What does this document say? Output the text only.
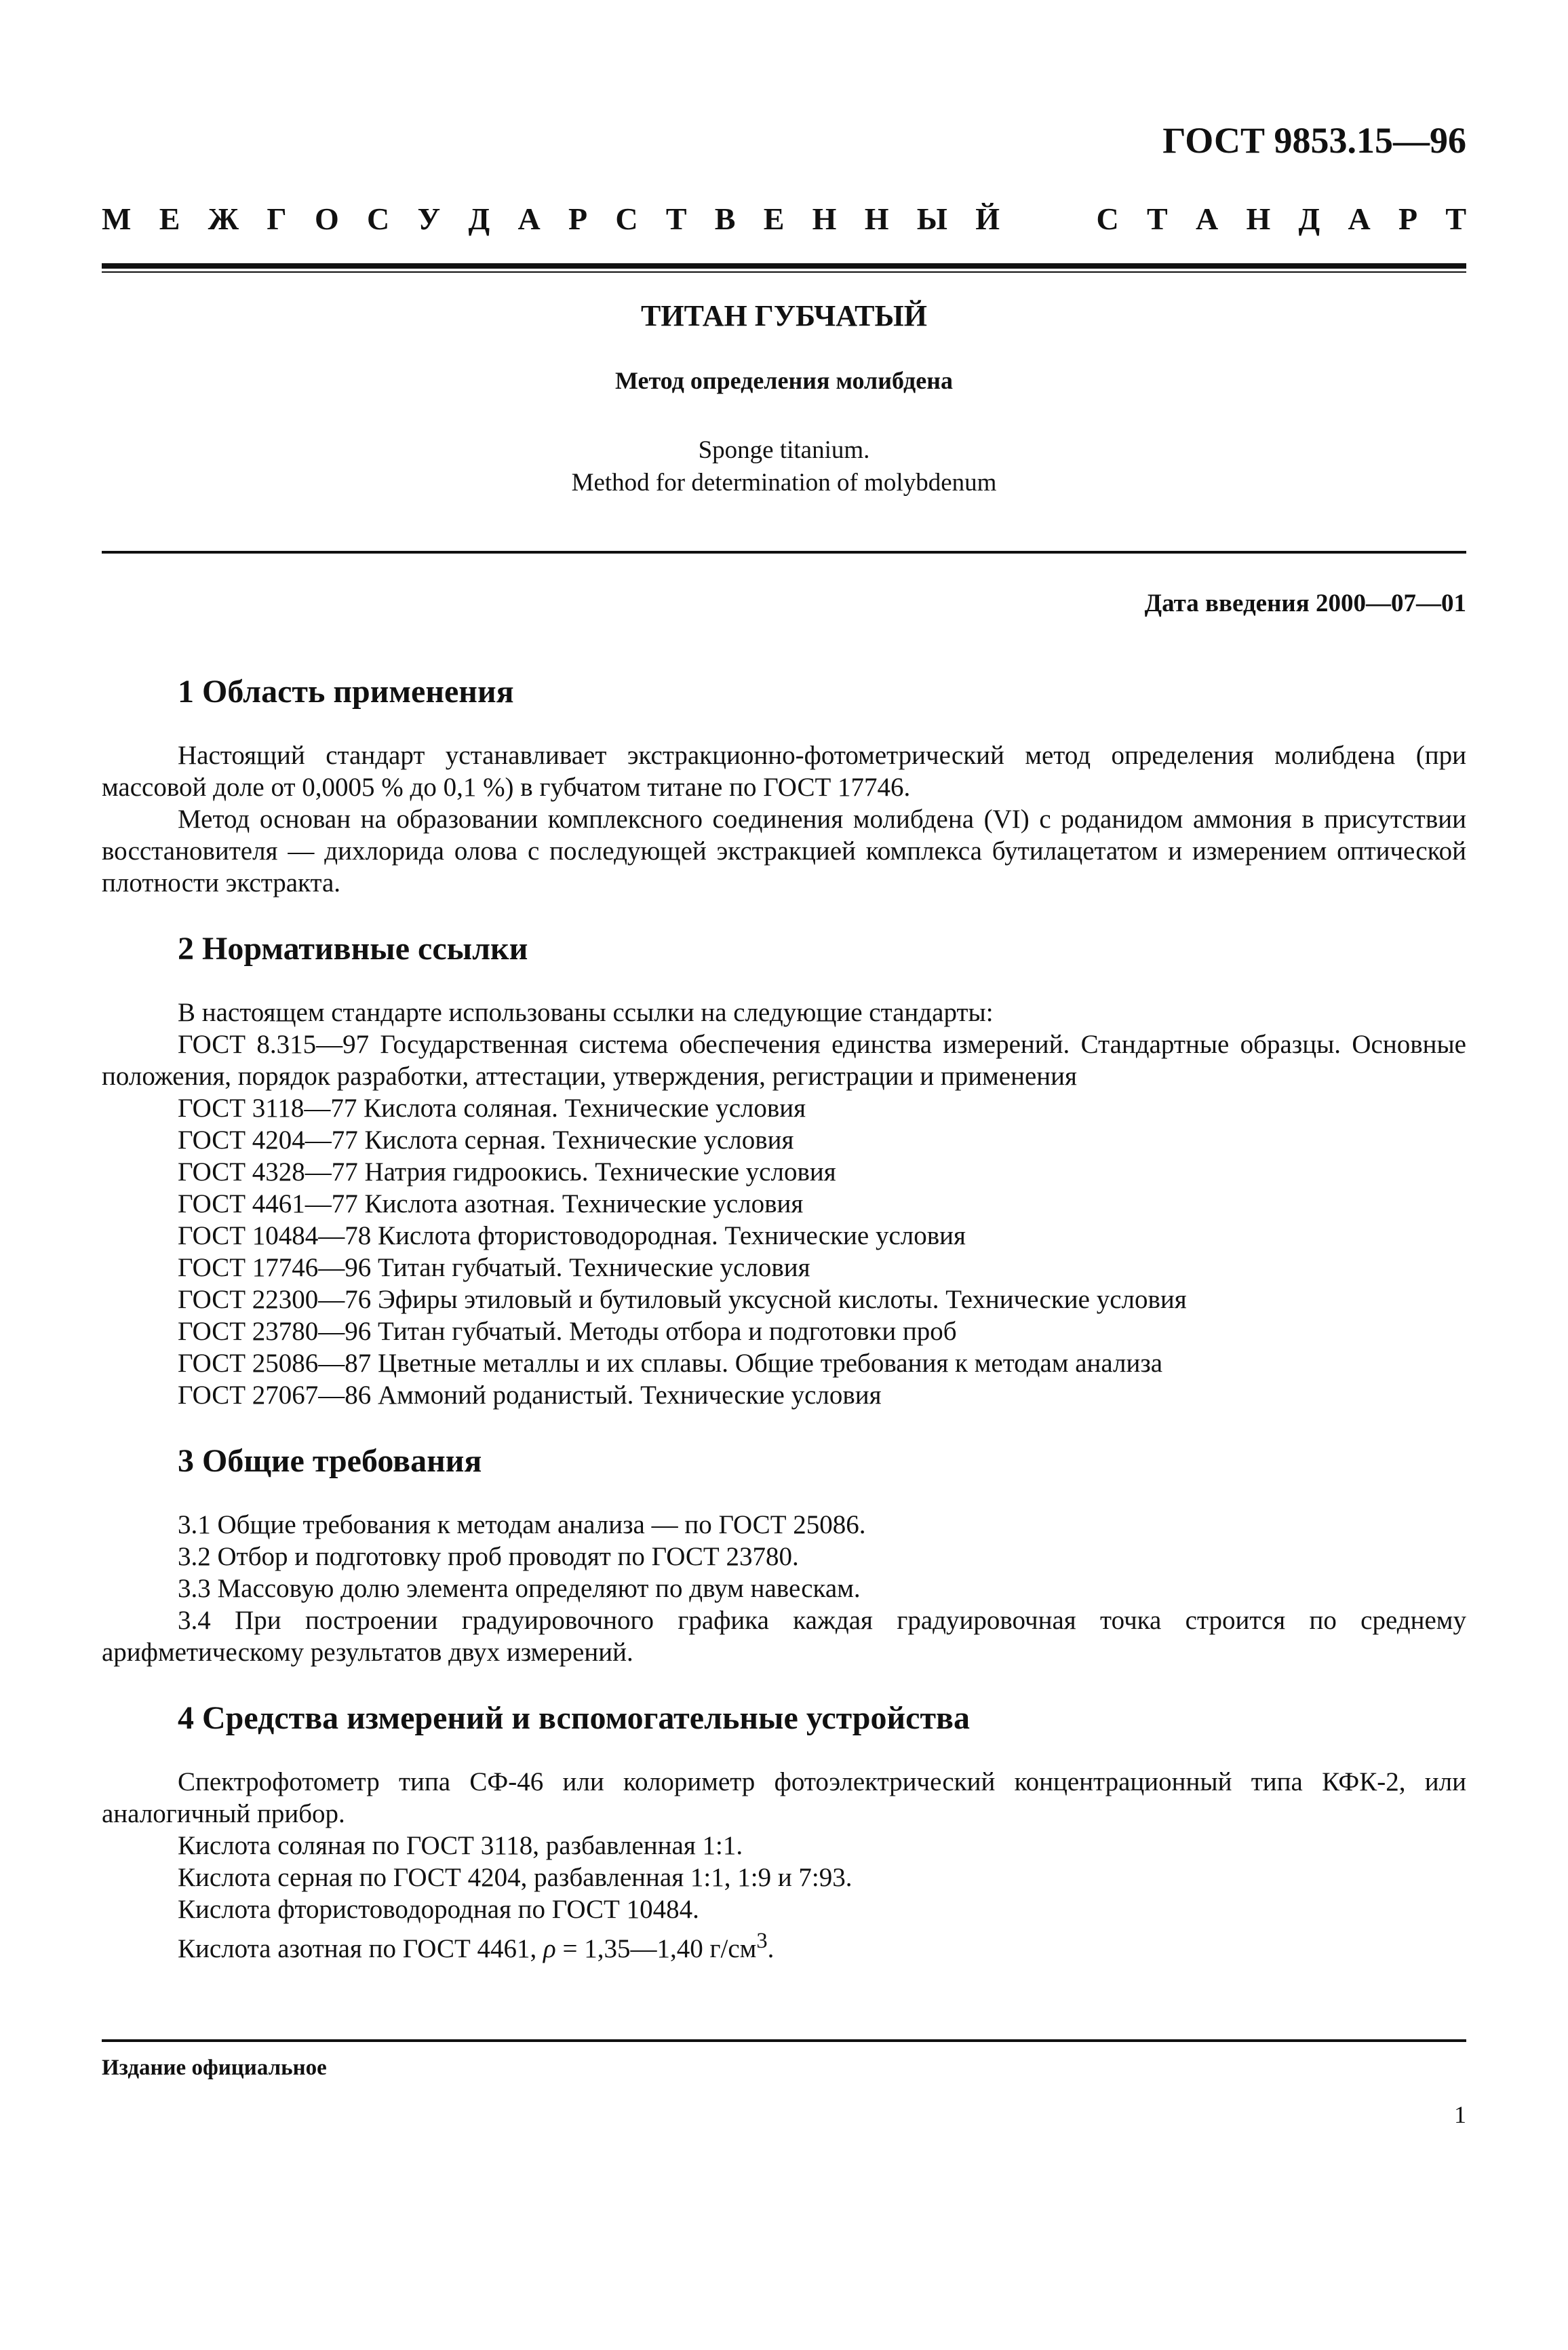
ГОСТ 9853.15—96
М Е Ж Г О С У Д А Р С Т В Е Н Н Ы Й	С Т А Н Д А Р Т
ТИТАН ГУБЧАТЫЙ
Метод определения молибдена
Sponge titanium.
Method for determination of molybdenum
Дата введения 2000—07—01
1 Область применения

Настоящий стандарт устанавливает экстракционно-фотометрический метод определения молибдена (при массовой доле от 0,0005 % до 0,1 %) в губчатом титане по ГОСТ 17746.

Метод основан на образовании комплексного соединения молибдена (VI) с роданидом аммония в присутствии восстановителя — дихлорида олова с последующей экстракцией комплекса бутилацетатом и измерением оптической плотности экстракта.

2 Нормативные ссылки

В настоящем стандарте использованы ссылки на следующие стандарты:

ГОСТ 8.315—97 Государственная система обеспечения единства измерений. Стандартные образцы. Основные положения, порядок разработки, аттестации, утверждения, регистрации и применения

ГОСТ 3118—77 Кислота соляная. Технические условия
ГОСТ 4204—77 Кислота серная. Технические условия
ГОСТ 4328—77 Натрия гидроокись. Технические условия
ГОСТ 4461—77 Кислота азотная. Технические условия
ГОСТ 10484—78 Кислота фтористоводородная. Технические условия
ГОСТ 17746—96 Титан губчатый. Технические условия
ГОСТ 22300—76 Эфиры этиловый и бутиловый уксусной кислоты. Технические условия
ГОСТ 23780—96 Титан губчатый. Методы отбора и подготовки проб
ГОСТ 25086—87 Цветные металлы и их сплавы. Общие требования к методам анализа
ГОСТ 27067—86 Аммоний роданистый. Технические условия
3 Общие требования

3.1 Общие требования к методам анализа — по ГОСТ 25086.

3.2 Отбор и подготовку проб проводят по ГОСТ 23780.

3.3 Массовую долю элемента определяют по двум навескам.

3.4 При построении градуировочного графика каждая градуировочная точка строится по среднему арифметическому результатов двух измерений.

4 Средства измерений и вспомогательные устройства

Спектрофотометр типа СФ-46 или колориметр фотоэлектрический концентрационный типа КФК-2, или аналогичный прибор.

Кислота соляная по ГОСТ 3118, разбавленная 1:1.

Кислота серная по ГОСТ 4204, разбавленная 1:1, 1:9 и 7:93.

Кислота фтористоводородная по ГОСТ 10484.

Кислота азотная по ГОСТ 4461, ρ = 1,35—1,40 $г/см^3$.

Издание официальное
1
